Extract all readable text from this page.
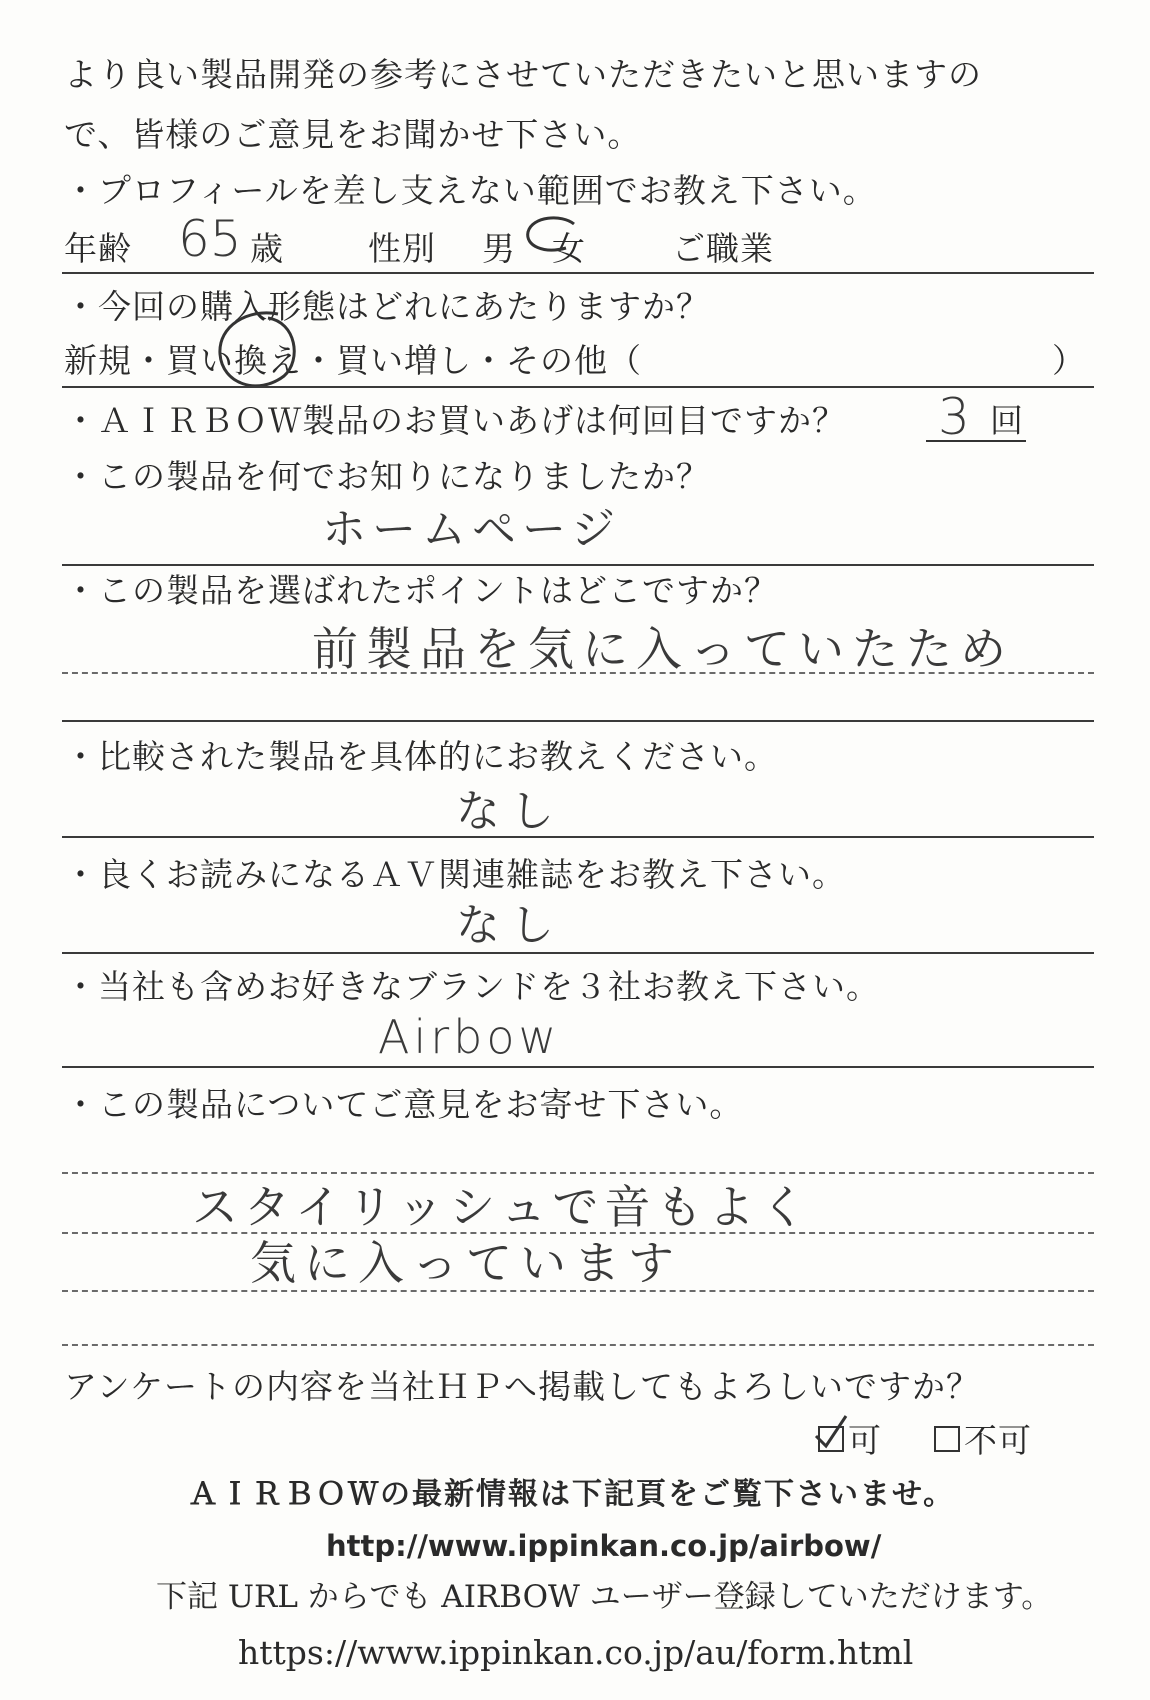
より良い製品開発の参考にさせていただきたいと思いますの
で、皆様のご意見をお聞かせ下さい。
・プロフィールを差し支えない範囲でお教え下さい。
年齢 65 歳	性別 男 女	ご職業
・今回の購入形態はどれにあたりますか？
新規・買い換え・買い増し・その他（	）
・ＡＩＲＢＯＷ製品のお買いあげは何回目ですか？ 3 回
・この製品を何でお知りになりましたか？
ホームページ
・この製品を選ばれたポイントはどこですか？
前製品を気に入っていたため
・比較された製品を具体的にお教えください。
なし
・良くお読みになるＡＶ関連雑誌をお教え下さい。
なし
・当社も含めお好きなブランドを３社お教え下さい。
Airbow
・この製品についてご意見をお寄せ下さい。
スタイリッシュで音もよく
気に入っています
アンケートの内容を当社ＨＰへ掲載してもよろしいですか？
可 不可
ＡＩＲＢＯＷの最新情報は下記頁をご覧下さいませ。
http://www.ippinkan.co.jp/airbow/
下記 URL からでも AIRBOW ユーザー登録していただけます。
https://www.ippinkan.co.jp/au/form.html
